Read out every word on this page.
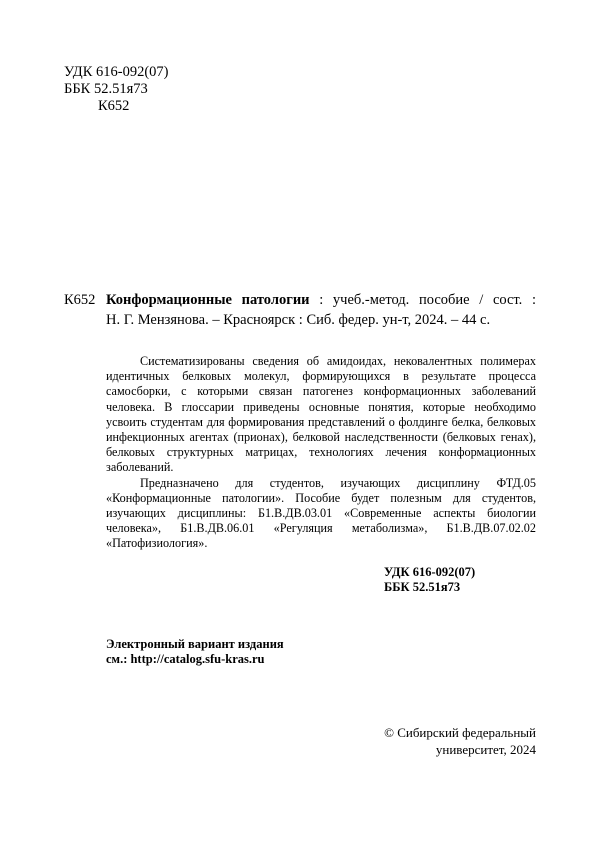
УДК 616-092(07)
ББК 52.51я73
К652
К652 Конформационные патологии : учеб.-метод. пособие / сост. :
Н. Г. Мензянова. – Красноярск : Сиб. федер. ун-т, 2024. – 44 с.

Систематизированы сведения об амидоидах, нековалентных полимерах идентичных белковых молекул, формирующихся в результате процесса самосборки, с которыми связан патогенез конформационных заболеваний человека. В глоссарии приведены основные понятия, которые необходимо усвоить студентам для формирования представлений о фолдинге белка, белковых инфекционных агентах (прионах), белковой наследственности (белковых генах), белковых структурных матрицах, технологиях лечения конформационных заболеваний.

Предназначено для студентов, изучающих дисциплину ФТД.05 «Конформационные патологии». Пособие будет полезным для студентов, изучающих дисциплины: Б1.В.ДВ.03.01 «Современные аспекты биологии человека», Б1.В.ДВ.06.01 «Регуляция метаболизма», Б1.В.ДВ.07.02.02 «Патофизиология».

УДК 616-092(07)
ББК 52.51я73
Электронный вариант издания
см.: http://catalog.sfu-kras.ru
© Сибирский федеральный
университет, 2024
